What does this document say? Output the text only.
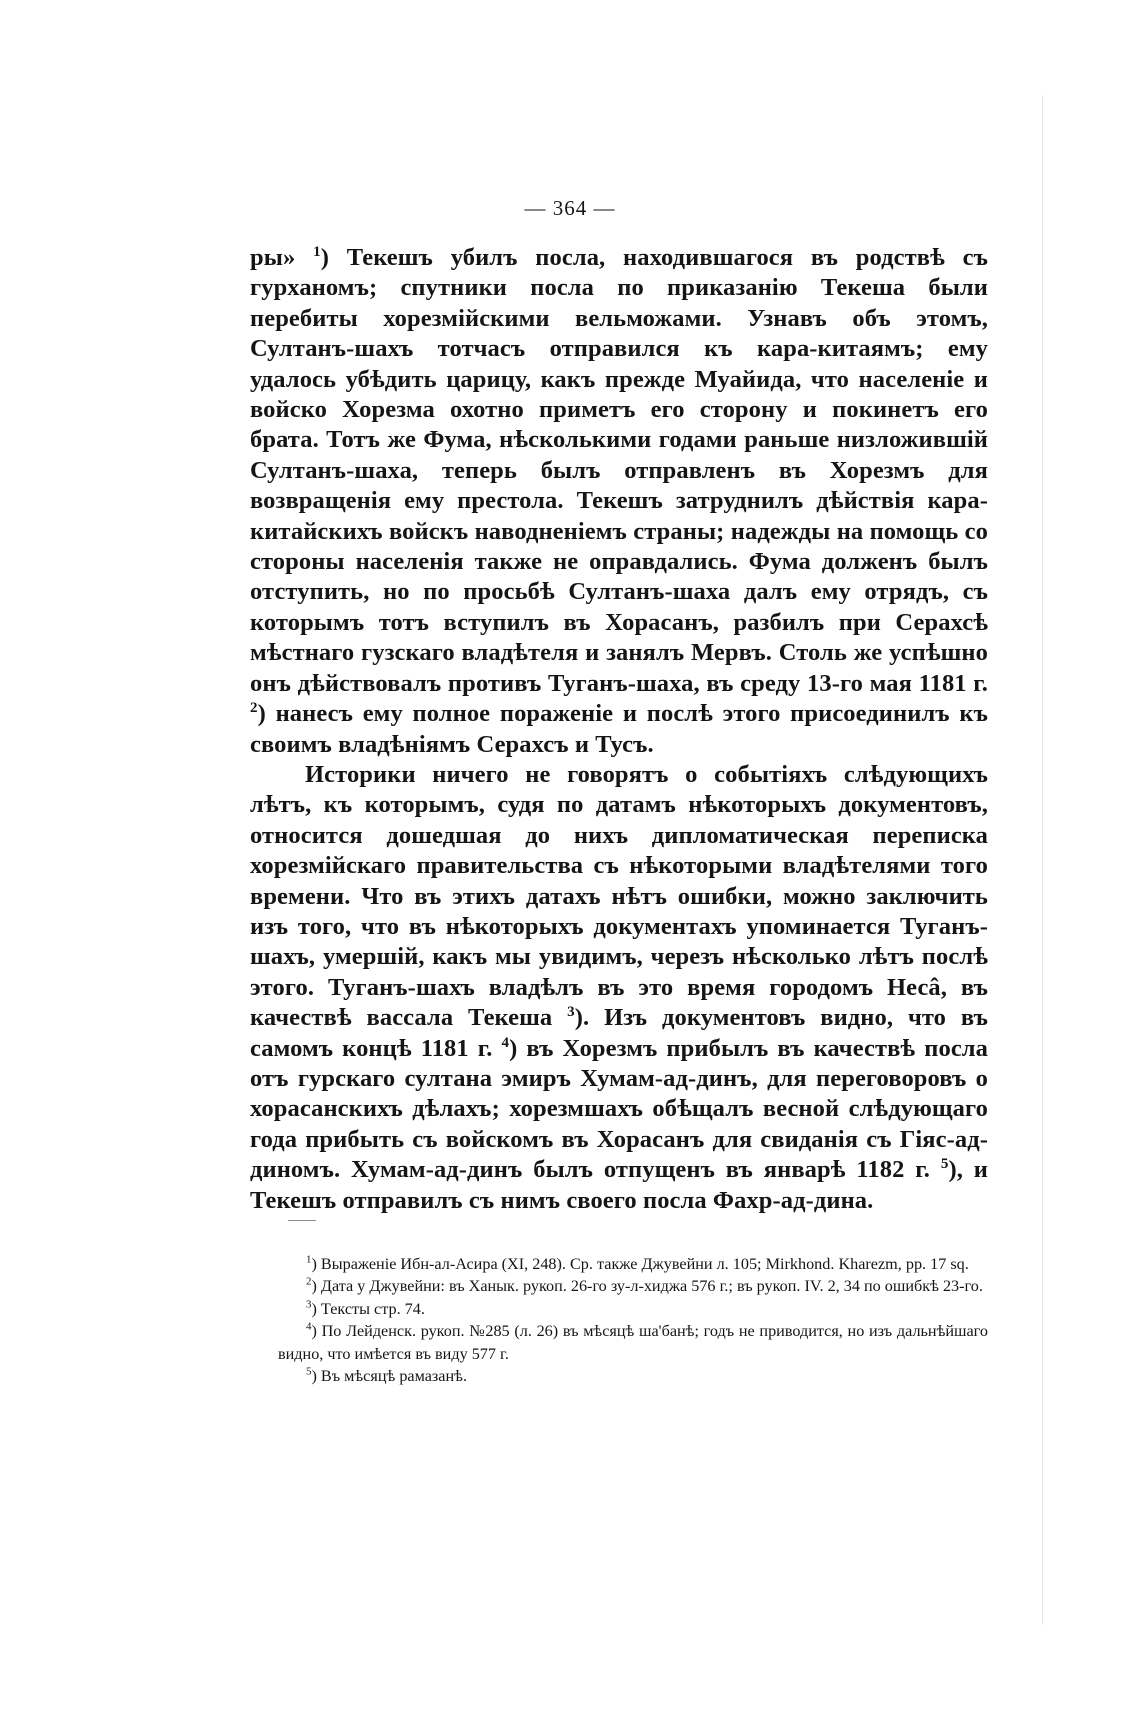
— 364 —

ры» $^1$) Текешъ убилъ посла, находившагося въ родствѣ съ гурханомъ; спутники посла по приказанію Текеша были перебиты хорезмійскими вельможами. Узнавъ объ этомъ, Султанъ-шахъ тотчасъ отправился къ кара-китаямъ; ему удалось убѣдить царицу, какъ прежде Муайида, что населеніе и войско Хорезма охотно приметъ его сторону и покинетъ его брата. Тотъ же Фума, нѣсколькими годами раньше низложившій Султанъ-шаха, теперь былъ отправленъ въ Хорезмъ для возвращенія ему престола. Текешъ затруднилъ дѣйствія кара-китайскихъ войскъ наводненіемъ страны; надежды на помощь со стороны населенія также не оправдались. Фума долженъ былъ отступить, но по просьбѣ Султанъ-шаха далъ ему отрядъ, съ которымъ тотъ вступилъ въ Хорасанъ, разбилъ при Серахсѣ мѣстнаго гузскаго владѣтеля и занялъ Мервъ. Столь же успѣшно онъ дѣйствовалъ противъ Туганъ-шаха, въ среду 13-го мая 1181 г. $^2$) нанесъ ему полное пораженіе и послѣ этого присоединилъ къ своимъ владѣніямъ Серахсъ и Тусъ.

Историки ничего не говорятъ о событіяхъ слѣдующихъ лѣтъ, къ которымъ, судя по датамъ нѣкоторыхъ документовъ, относится дошедшая до нихъ дипломатическая переписка хорезмійскаго правительства съ нѣкоторыми владѣтелями того времени. Что въ этихъ датахъ нѣтъ ошибки, можно заключить изъ того, что въ нѣкоторыхъ документахъ упоминается Туганъ-шахъ, умершій, какъ мы увидимъ, черезъ нѣсколько лѣтъ послѣ этого. Туганъ-шахъ владѣлъ въ это время городомъ Несâ, въ качествѣ вассала Текеша $^3$). Изъ документовъ видно, что въ самомъ концѣ 1181 г. $^4$) въ Хорезмъ прибылъ въ качествѣ посла отъ гурскаго султана эмиръ Хумам-ад-динъ, для переговоровъ о хорасанскихъ дѣлахъ; хорезмшахъ обѣщалъ весной слѣдующаго года прибыть съ войскомъ въ Хорасанъ для свиданія съ Гіяс-ад-диномъ. Хумам-ад-динъ былъ отпущенъ въ январѣ 1182 г. $^5$), и Текешъ отправилъ съ нимъ своего посла Фахр-ад-дина.

$^1$) Выраженіе Ибн-ал-Асира (XI, 248). Ср. также Джувейни л. 105; Mirkhond. Kharezm, pp. 17 sq.

$^2$) Дата у Джувейни: въ Ханык. рукоп. 26-го зу-л-хиджа 576 г.; въ рукоп. IV. 2, 34 по ошибкѣ 23-го.

$^3$) Тексты стр. 74.

$^4$) По Лейденск. рукоп. №285 (л. 26) въ мѣсяцѣ ша'банѣ; годъ не приводится, но изъ дальнѣйшаго видно, что имѣется въ виду 577 г.

$^5$) Въ мѣсяцѣ рамазанѣ.
